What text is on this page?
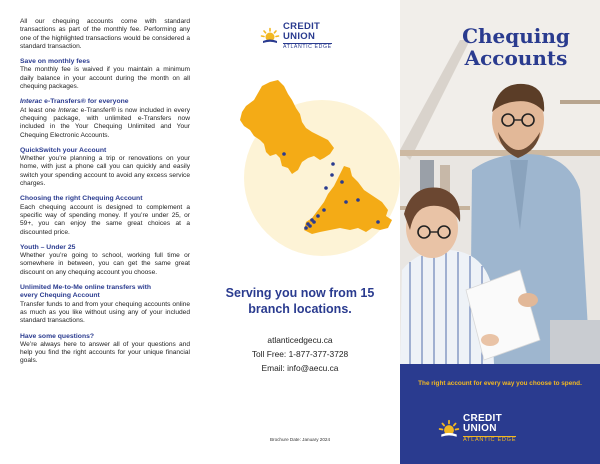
All our chequing accounts come with standard transactions as part of the monthly fee. Performing any one of the highlighted transactions would be considered a standard transaction.

Save on monthly fees

The monthly fee is waived if you maintain a minimum daily balance in your account during the month on all chequing packages.

Interac e-Transfers® for everyone

At least one Interac e-Transfer® is now included in every chequing package, with unlimited e-Transfers now included in the Your Chequing Unlimited and Your Chequing Electronic Accounts.

QuickSwitch your Account

Whether you’re planning a trip or renovations on your home, with just a phone call you can quickly and easily switch your spending account to avoid any excess service charges.

Choosing the right Chequing Account

Each chequing account is designed to complement a specific way of spending money. If you’re under 25, or 59+, you can enjoy the same great choices at a discounted price.

Youth – Under 25

Whether you’re going to school, working full time or somewhere in between, you can get the same great discount on any chequing account you choose.

Unlimited Me-to-Me online transfers with every Chequing Account

Transfer funds to and from your chequing accounts online as much as you like without using any of your included standard transactions.

Have some questions?

We’re always here to answer all of your questions and help you find the right accounts for your unique financial goals.

CREDIT
UNION
ATLANTIC EDGE
Serving you now from 15 branch locations.
atlanticedgecu.ca
Toll Free: 1-877-377-3728
Email: info@aecu.ca
Brochure Date: January 2024
Chequing Accounts
The right account for every way you choose to spend.
CREDIT
UNION
ATLANTIC EDGE
